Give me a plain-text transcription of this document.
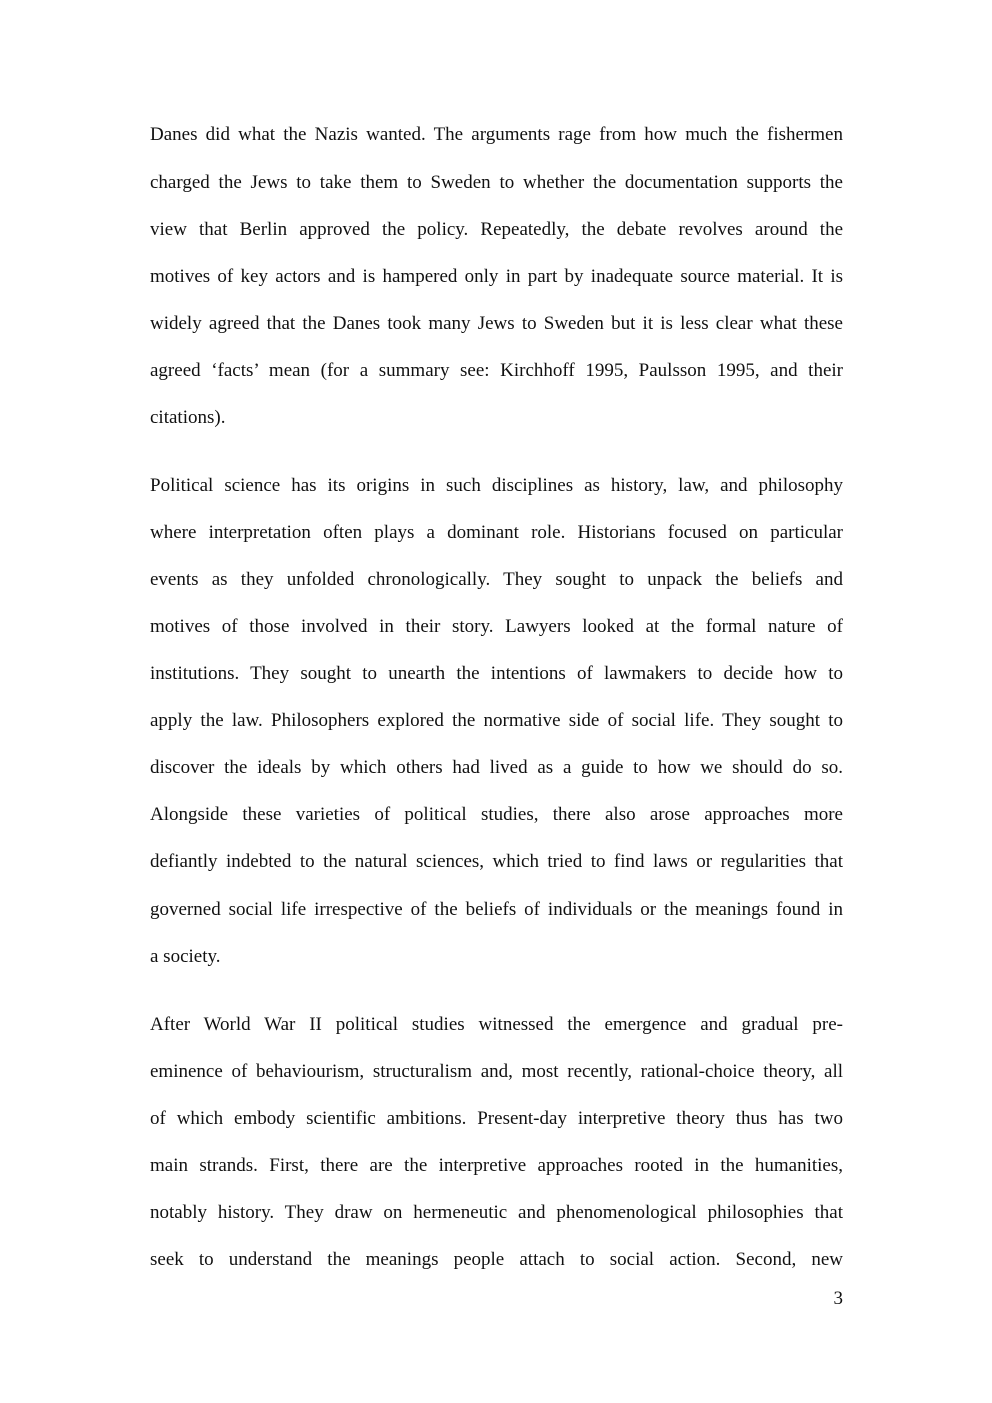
Danes did what the Nazis wanted. The arguments rage from how much the fishermen
charged the Jews to take them to Sweden to whether the documentation supports the
view that Berlin approved the policy. Repeatedly, the debate revolves around the
motives of key actors and is hampered only in part by inadequate source material. It is
widely agreed that the Danes took many Jews to Sweden but it is less clear what these
agreed ‘facts’ mean (for a summary see: Kirchhoff 1995, Paulsson 1995, and their
citations).
Political science has its origins in such disciplines as history, law, and philosophy
where interpretation often plays a dominant role. Historians focused on particular
events as they unfolded chronologically. They sought to unpack the beliefs and
motives of those involved in their story. Lawyers looked at the formal nature of
institutions. They sought to unearth the intentions of lawmakers to decide how to
apply the law. Philosophers explored the normative side of social life. They sought to
discover the ideals by which others had lived as a guide to how we should do so.
Alongside these varieties of political studies, there also arose approaches more
defiantly indebted to the natural sciences, which tried to find laws or regularities that
governed social life irrespective of the beliefs of individuals or the meanings found in
a society.
After World War II political studies witnessed the emergence and gradual pre-
eminence of behaviourism, structuralism and, most recently, rational-choice theory, all
of which embody scientific ambitions. Present-day interpretive theory thus has two
main strands. First, there are the interpretive approaches rooted in the humanities,
notably history. They draw on hermeneutic and phenomenological philosophies that
seek to understand the meanings people attach to social action. Second, new
3
